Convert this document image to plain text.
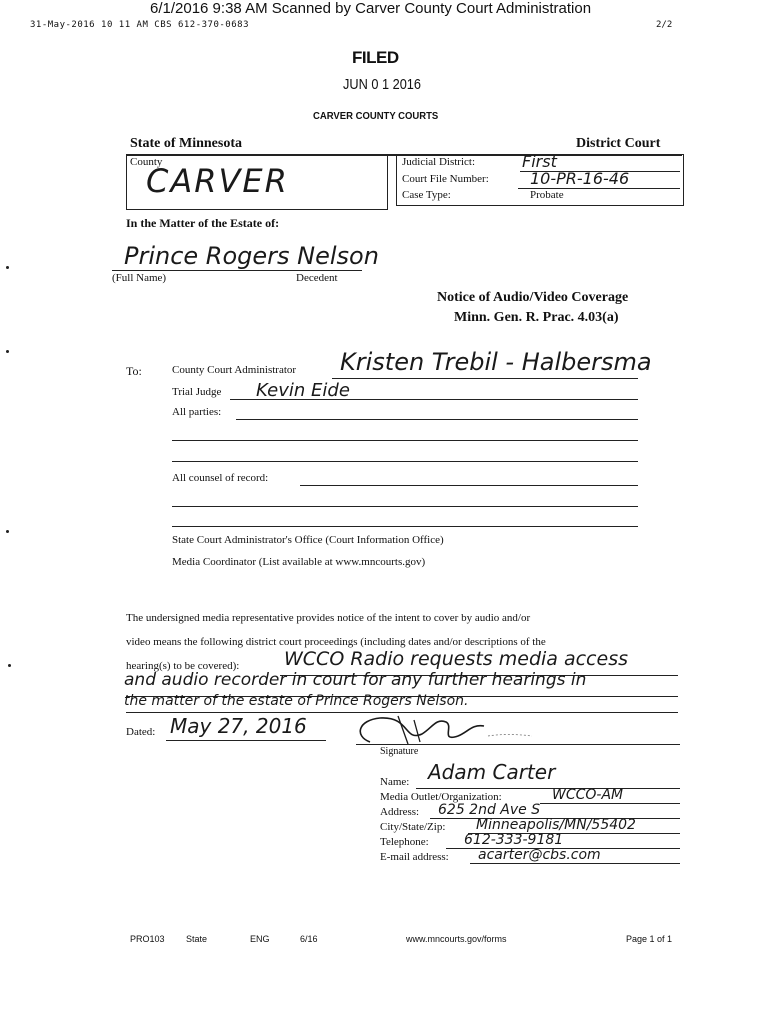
6/1/2016 9:38 AM Scanned by Carver County Court Administration
31-May-2016 10 11 AM CBS 612-370-0683	2/2
FILED
JUN 0 1 2016
CARVER COUNTY COURTS
State of Minnesota	District Court
County
CARVER	Judicial District:	First
Court File Number:	10-PR-16-46
Case Type:	Probate
In the Matter of the Estate of:
Prince Rogers Nelson
(Full Name)	Decedent
Notice of Audio/Video Coverage
Minn. Gen. R. Prac. 4.03(a)
To:	County Court Administrator Kristen Trebil - Halbersma
Trial Judge Kevin Eide
All parties:
All counsel of record:
State Court Administrator's Office (Court Information Office)
Media Coordinator (List available at www.mncourts.gov)
The undersigned media representative provides notice of the intent to cover by audio and/or
video means the following district court proceedings (including dates and/or descriptions of the
hearing(s) to be covered): WCCO Radio requests media access
and audio recorder in court for any further hearings in
the matter of the estate of Prince Rogers Nelson.
Dated: May 27, 2016
Signature
Name: Adam Carter
Media Outlet/Organization:	WCCO-AM
Address: 625 2nd Ave S
City/State/Zip: Minneapolis/MN/55402
Telephone:	612-333-9181
E-mail address: acarter@cbs.com
PRO103 State	ENG	6/16	www.mncourts.gov/forms	Page 1 of 1
